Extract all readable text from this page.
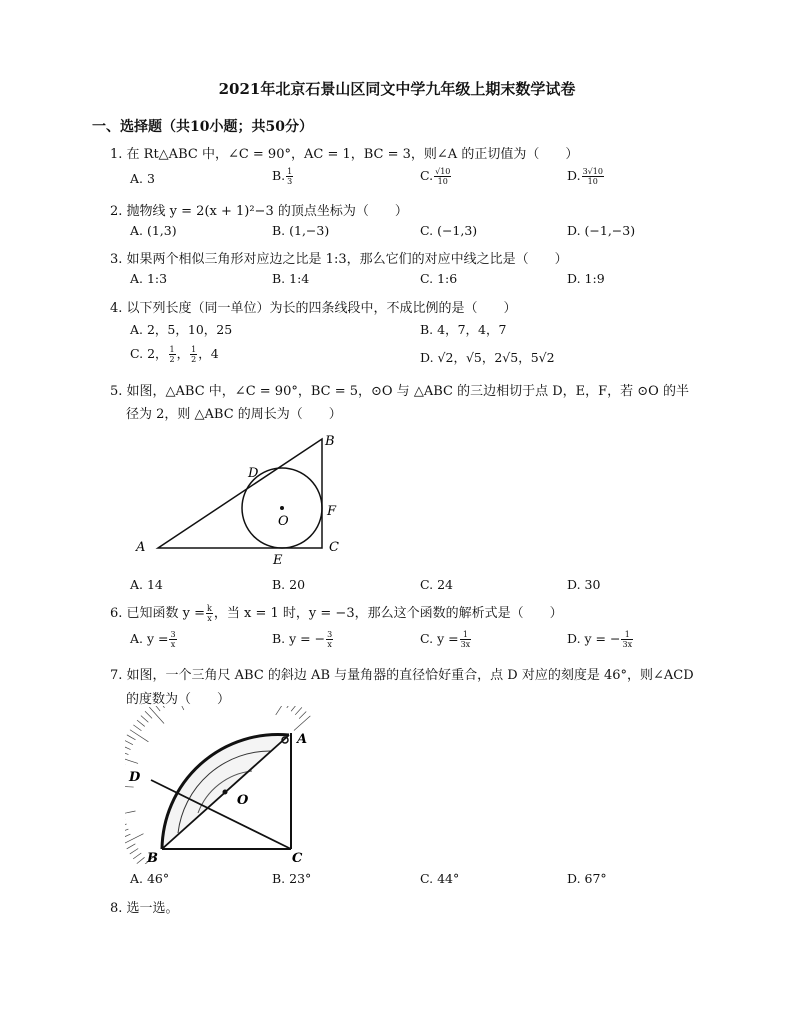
2021年北京石景山区同文中学九年级上期末数学试卷
一、选择题（共10小题；共50分）
1. 在 Rt△ABC 中，∠C = 90°，AC = 1，BC = 3，则∠A 的正切值为（　　）
A. 3	B. $\frac{1}{3}$	C. $\frac{√10}{10}$	D. $\frac{3√10}{10}$
2. 抛物线 y = 2(x + 1)²−3 的顶点坐标为（　　）
A. (1,3)	B. (1,−3)	C. (−1,3)	D. (−1,−3)
3. 如果两个相似三角形对应边之比是 1:3，那么它们的对应中线之比是（　　）
A. 1:3	B. 1:4	C. 1:6	D. 1:9
4. 以下列长度（同一单位）为长的四条线段中，不成比例的是（　　）
A. 2，5，10，25	B. 4，7，4，7
C. 2， $\frac{1}{2}$ ， $\frac{1}{2}$ ，4	D. √2，√5，2√5，5√2
5. 如图，△ABC 中，∠C = 90°，BC = 5，⊙O 与 △ABC 的三边相切于点 D，E，F，若 ⊙O 的半
径为 2，则 △ABC 的周长为（　　）
A
B
C
D
E
F
O
A. 14	B. 20	C. 24	D. 30
6. 已知函数 $y = \frac{k}{x}$ ，当 x = 1 时，y = −3，那么这个函数的解析式是（　　）
A. $y = \frac{3}{x}$	B. y = − $\frac{3}{x}$	C. $y = \frac{1}{3x}$	D. y = − $\frac{1}{3x}$
7. 如图，一个三角尺 ABC 的斜边 AB 与量角器的直径恰好重合，点 D 对应的刻度是 46°，则∠ACD
的度数为（　　）
A
B	C
D
O
A. 46°	B. 23°	C. 44°	D. 67°
8. 选一选。
